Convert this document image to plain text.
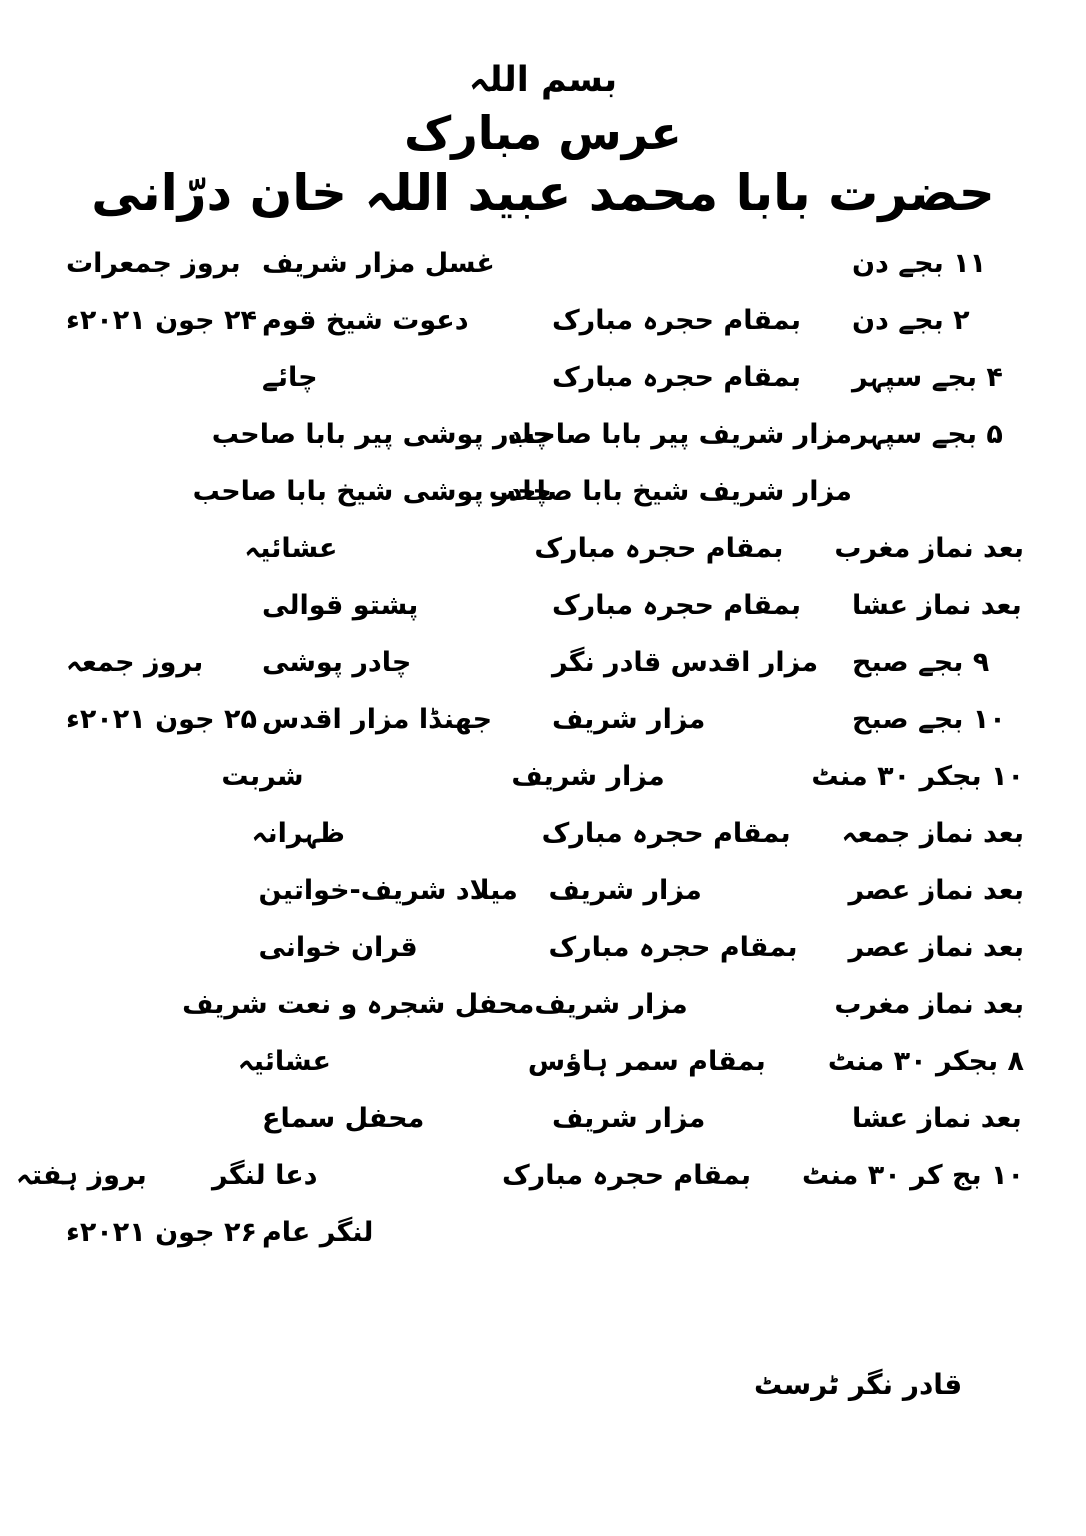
بسم اللہ
عرس مبارک
حضرت بابا محمد عبید اللہ خان درّانی
۱۱ بجے دن
غسل مزار شریف
بروز جمعرات
۲ بجے دن
بمقام حجرہ مبارک
دعوت شیخ قوم
۲۴ جون ۲۰۲۱ء
۴ بجے سپہر
بمقام حجرہ مبارک
چائے
۵ بجے سپہر
مزار شریف پیر بابا صاحب
چادر پوشی پیر بابا صاحب
مزار شریف شیخ بابا صاحب
چادر پوشی شیخ بابا صاحب
بعد نماز مغرب
بمقام حجرہ مبارک
عشائیہ
بعد نماز عشا
بمقام حجرہ مبارک
پشتو قوالی
۹ بجے صبح
مزار اقدس قادر نگر
چادر پوشی
بروز جمعہ
۱۰ بجے صبح
مزار شریف
جھنڈا مزار اقدس
۲۵ جون ۲۰۲۱ء
۱۰ بجکر ۳۰ منٹ
مزار شریف
شربت
بعد نماز جمعہ
بمقام حجرہ مبارک
ظہرانہ
بعد نماز عصر
مزار شریف
میلاد شریف-خواتین
بعد نماز عصر
بمقام حجرہ مبارک
قران خوانی
بعد نماز مغرب
مزار شریف
محفل شجرہ و نعت شریف
۸ بجکر ۳۰ منٹ
بمقام سمر ہاؤس
عشائیہ
بعد نماز عشا
مزار شریف
محفل سماع
۱۰ بج کر ۳۰ منٹ
بمقام حجرہ مبارک
دعا لنگر
بروز ہفتہ
لنگر عام
۲۶ جون ۲۰۲۱ء
قادر نگر ٹرسٹ
